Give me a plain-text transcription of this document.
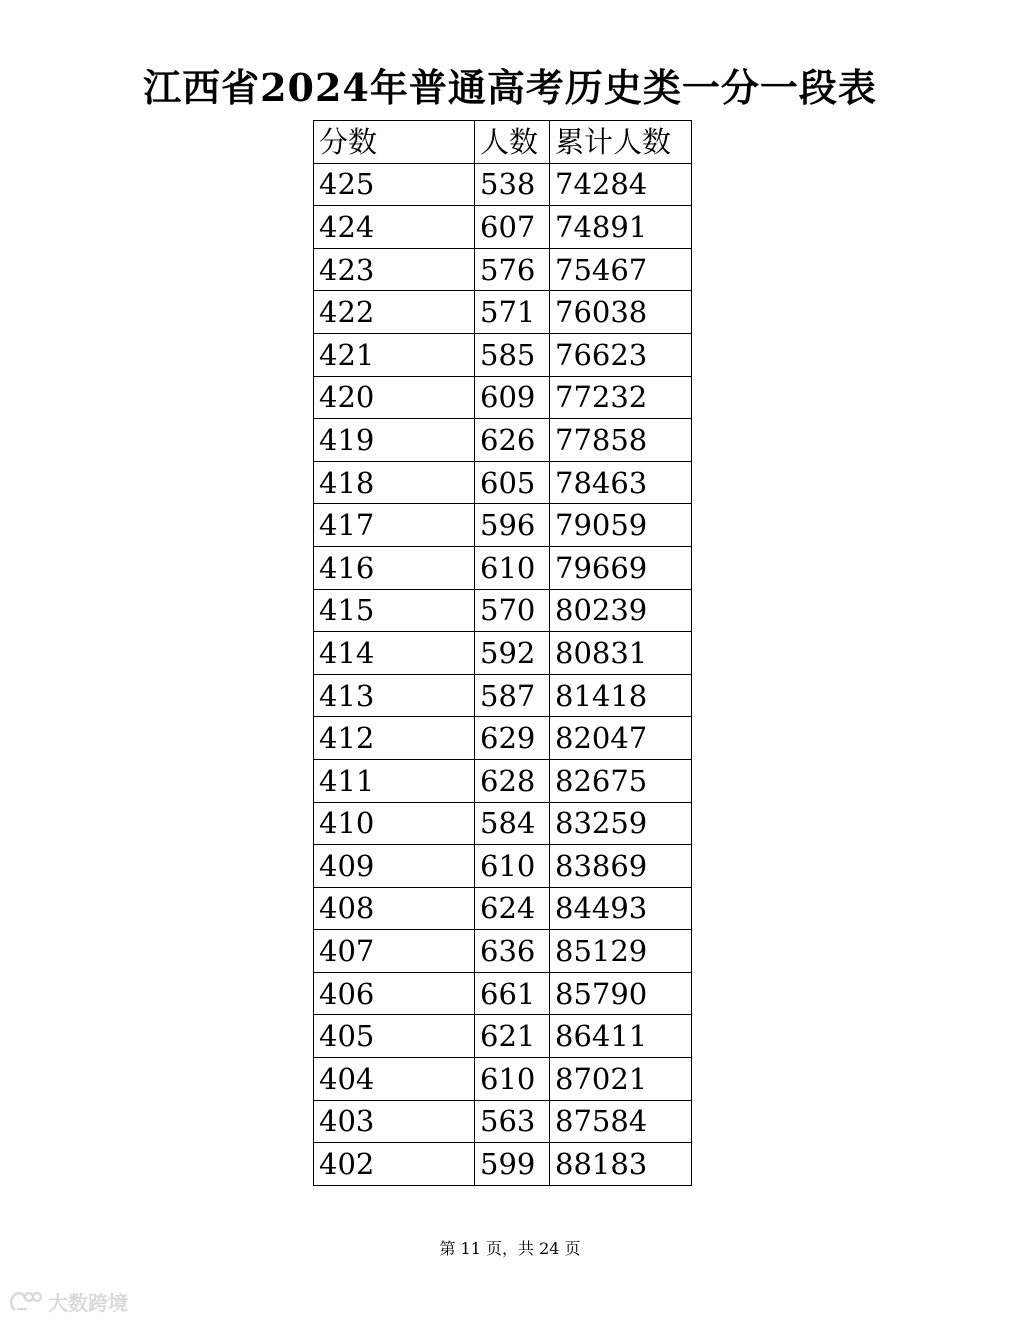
江西省2024年普通高考历史类一分一段表
分数	人数	累计人数
425	538	74284
424	607	74891
423	576	75467
422	571	76038
421	585	76623
420	609	77232
419	626	77858
418	605	78463
417	596	79059
416	610	79669
415	570	80239
414	592	80831
413	587	81418
412	629	82047
411	628	82675
410	584	83259
409	610	83869
408	624	84493
407	636	85129
406	661	85790
405	621	86411
404	610	87021
403	563	87584
402	599	88183
第 11 页，共 24 页
大数跨境
